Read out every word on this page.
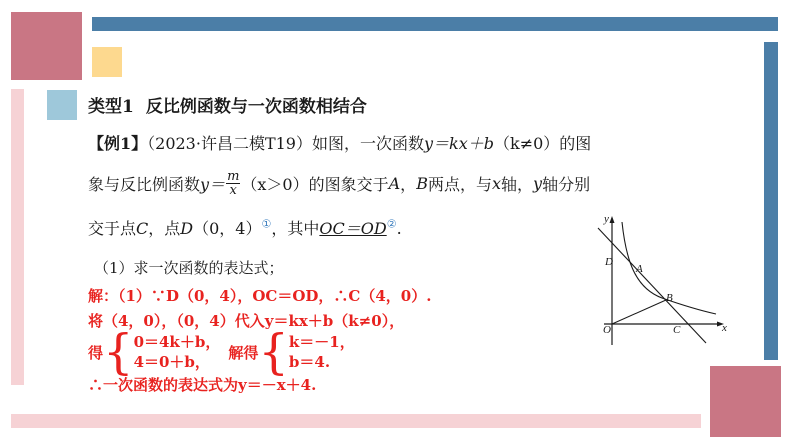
类型1 反比例函数与一次函数相结合
【例1】（2023·许昌二模T19）如图，一次函数y＝kx＋b（k≠0）的图
象与反比例函数 $y= \frac{m}{x} (x>0)$的图象交于 A ， B 两点，与 x 轴， y 轴分别
交于点C，点D（0，4）①，其中OC＝OD②.
（1）求一次函数的表达式；
解：（1）∵D（0，4），OC＝OD，∴C（4，0）.
将（4，0），（0，4）代入y＝kx＋b（k≠0），
得 { 0＝4k＋b，
4＝0＋b，
解得 { k＝－1，
b＝4.
∴一次函数的表达式为y＝－x＋4.
y
x
O
D
A
B
C
